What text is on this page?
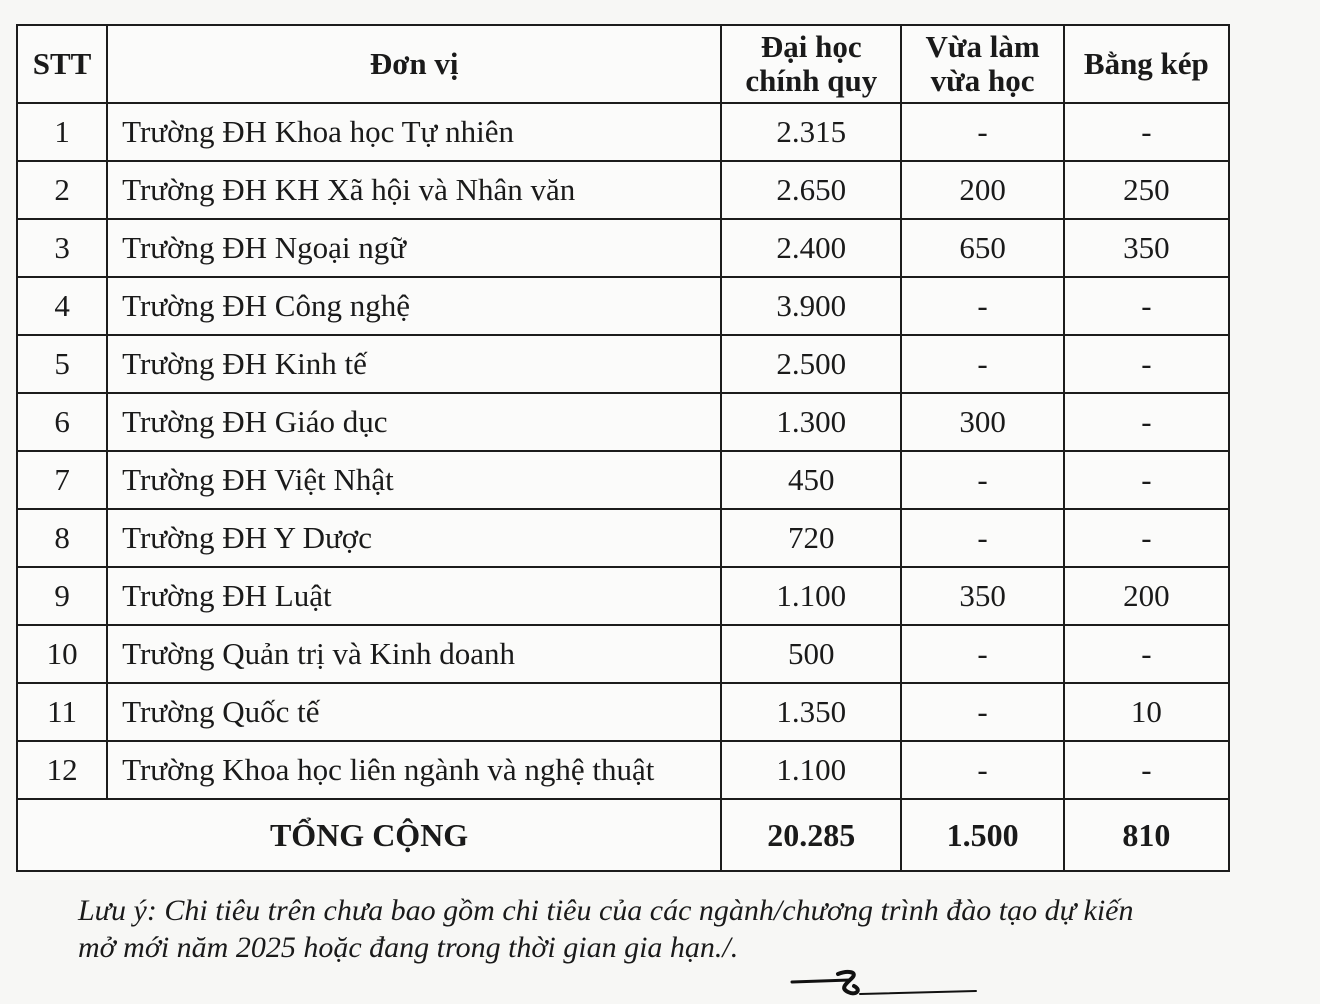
STT	Đơn vị	Đại học chính quy	Vừa làm vừa học	Bằng kép
1	Trường ĐH Khoa học Tự nhiên	2.315	-	-
2	Trường ĐH KH Xã hội và Nhân văn	2.650	200	250
3	Trường ĐH Ngoại ngữ	2.400	650	350
4	Trường ĐH Công nghệ	3.900	-	-
5	Trường ĐH Kinh tế	2.500	-	-
6	Trường ĐH Giáo dục	1.300	300	-
7	Trường ĐH Việt Nhật	450	-	-
8	Trường ĐH Y Dược	720	-	-
9	Trường ĐH Luật	1.100	350	200
10	Trường Quản trị và Kinh doanh	500	-	-
11	Trường Quốc tế	1.350	-	10
12	Trường Khoa học liên ngành và nghệ thuật	1.100	-	-
TỔNG CỘNG		20.285	1.500	810

Lưu ý: Chi tiêu trên chưa bao gồm chi tiêu của các ngành/chương trình đào tạo dự kiến

mở mới năm 2025 hoặc đang trong thời gian gia hạn./.
